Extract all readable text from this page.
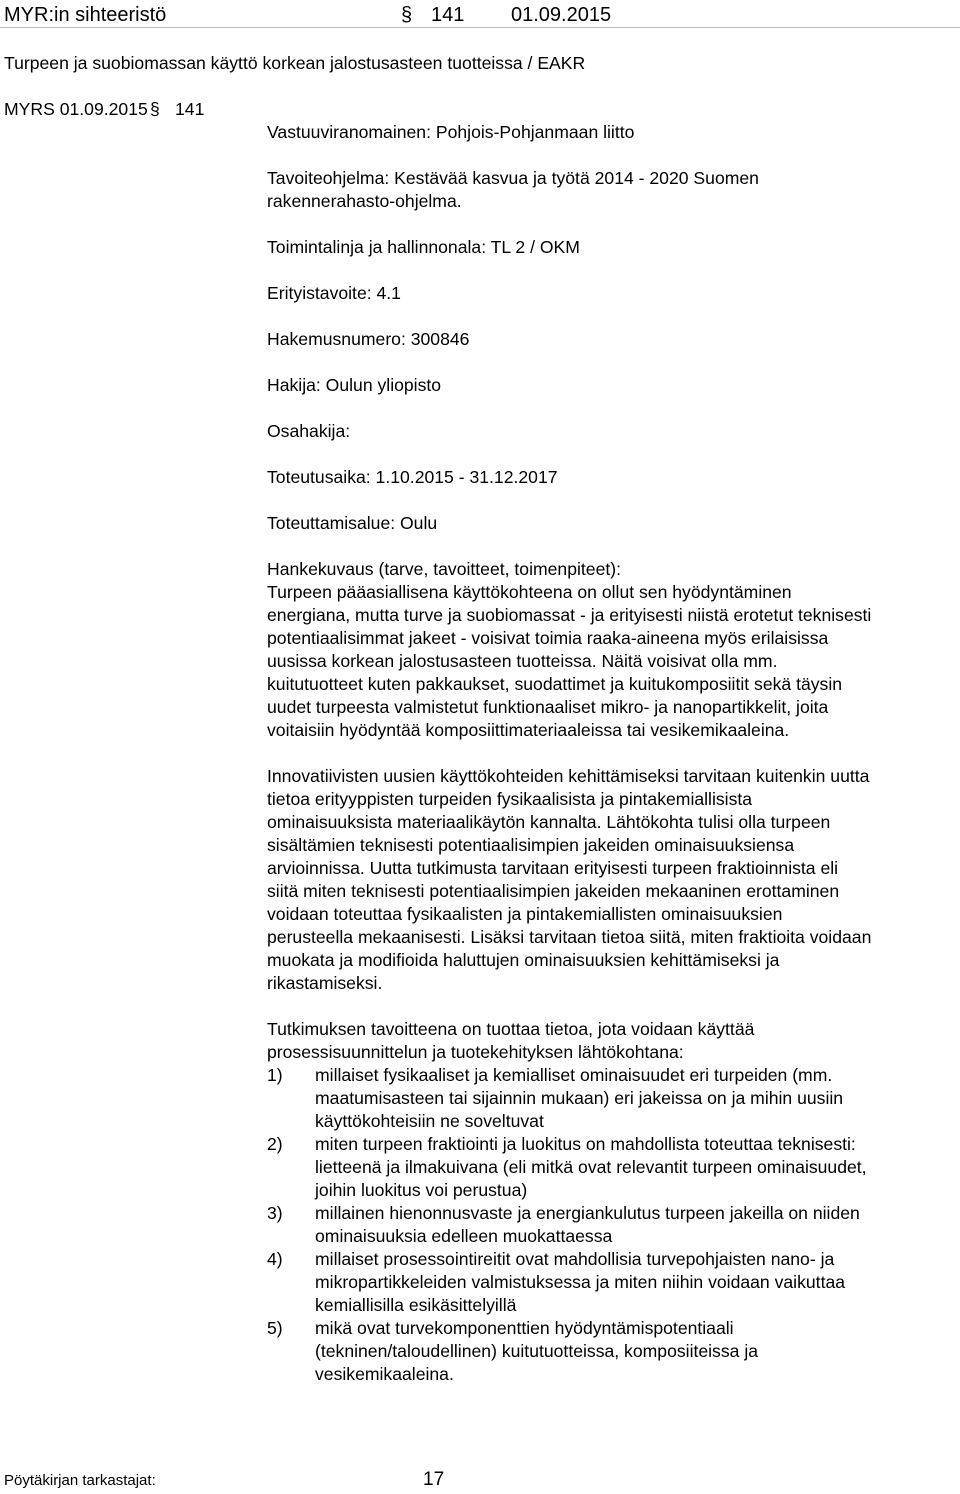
MYR:in sihteeristö	§ 141 01.09.2015
Turpeen ja suobiomassan käyttö korkean jalostusasteen tuotteissa / EAKR
MYRS 01.09.2015 § 141
Vastuuviranomainen: Pohjois-Pohjanmaan liitto
Tavoiteohjelma: Kestävää kasvua ja työtä 2014 - 2020 Suomen
rakennerahasto-ohjelma.
Toimintalinja ja hallinnonala: TL 2 / OKM
Erityistavoite: 4.1
Hakemusnumero: 300846
Hakija: Oulun yliopisto
Osahakija:
Toteutusaika: 1.10.2015 - 31.12.2017
Toteuttamisalue: Oulu
Hankekuvaus (tarve, tavoitteet, toimenpiteet):
Turpeen pääasiallisena käyttökohteena on ollut sen hyödyntäminen
energiana, mutta turve ja suobiomassat - ja erityisesti niistä erotetut teknisesti
potentiaalisimmat jakeet - voisivat toimia raaka-aineena myös erilaisissa
uusissa korkean jalostusasteen tuotteissa. Näitä voisivat olla mm.
kuitutuotteet kuten pakkaukset, suodattimet ja kuitukomposiitit sekä täysin
uudet turpeesta valmistetut funktionaaliset mikro- ja nanopartikkelit, joita
voitaisiin hyödyntää komposiittimateriaaleissa tai vesikemikaaleina.
Innovatiivisten uusien käyttökohteiden kehittämiseksi tarvitaan kuitenkin uutta
tietoa erityyppisten turpeiden fysikaalisista ja pintakemiallisista
ominaisuuksista materiaalikäytön kannalta. Lähtökohta tulisi olla turpeen
sisältämien teknisesti potentiaalisimpien jakeiden ominaisuuksiensa
arvioinnissa. Uutta tutkimusta tarvitaan erityisesti turpeen fraktioinnista eli
siitä miten teknisesti potentiaalisimpien jakeiden mekaaninen erottaminen
voidaan toteuttaa fysikaalisten ja pintakemiallisten ominaisuuksien
perusteella mekaanisesti. Lisäksi tarvitaan tietoa siitä, miten fraktioita voidaan
muokata ja modifioida haluttujen ominaisuuksien kehittämiseksi ja
rikastamiseksi.
Tutkimuksen tavoitteena on tuottaa tietoa, jota voidaan käyttää
prosessisuunnittelun ja tuotekehityksen lähtökohtana:
1) millaiset fysikaaliset ja kemialliset ominaisuudet eri turpeiden (mm.
maatumisasteen tai sijainnin mukaan) eri jakeissa on ja mihin uusiin
käyttökohteisiin ne soveltuvat
2) miten turpeen fraktiointi ja luokitus on mahdollista toteuttaa teknisesti:
lietteenä ja ilmakuivana (eli mitkä ovat relevantit turpeen ominaisuudet,
joihin luokitus voi perustua)
3) millainen hienonnusvaste ja energiankulutus turpeen jakeilla on niiden
ominaisuuksia edelleen muokattaessa
4) millaiset prosessointireitit ovat mahdollisia turvepohjaisten nano- ja
mikropartikkeleiden valmistuksessa ja miten niihin voidaan vaikuttaa
kemiallisilla esikäsittelyillä
5) mikä ovat turvekomponenttien hyödyntämispotentiaali
(tekninen/taloudellinen) kuitutuotteissa, komposiiteissa ja
vesikemikaaleina.
Pöytäkirjan tarkastajat:	17
